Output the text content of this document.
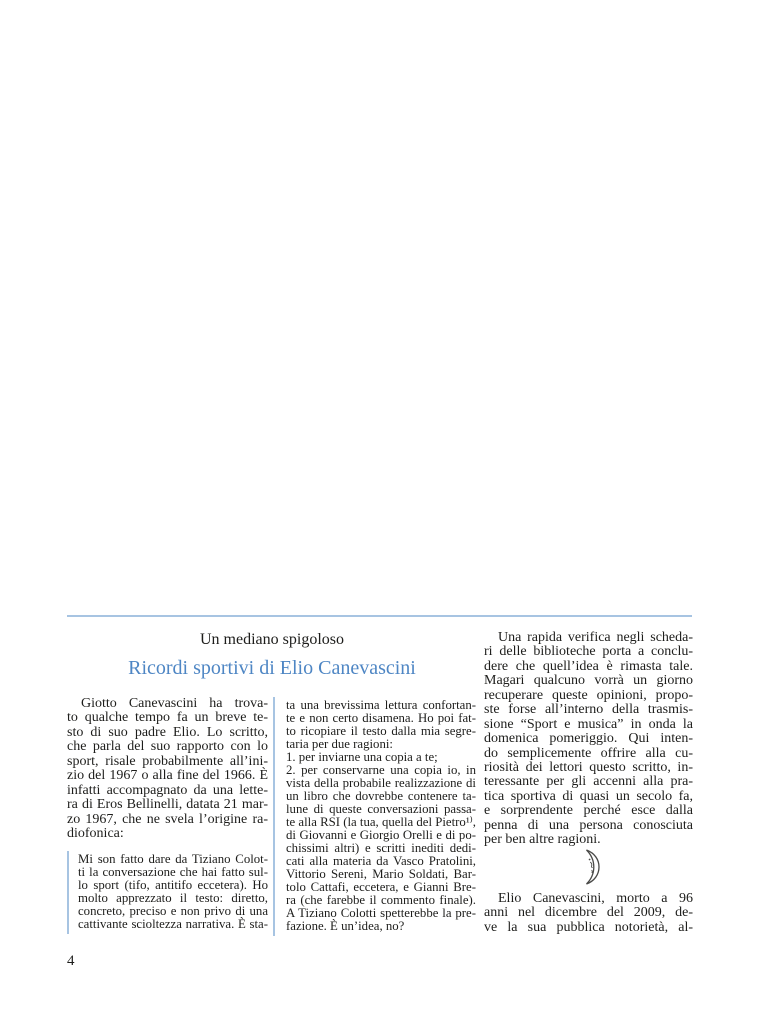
Un mediano spigoloso
Ricordi sportivi di Elio Canevascini
Giotto Canevascini ha trova-
to qualche tempo fa un breve te-
sto di suo padre Elio. Lo scritto,
che parla del suo rapporto con lo
sport, risale probabilmente all’ini-
zio del 1967 o alla fine del 1966. È
infatti accompagnato da una lette-
ra di Eros Bellinelli, datata 21 mar-
zo 1967, che ne svela l’origine ra-
diofonica:
Mi son fatto dare da Tiziano Colot-
ti la conversazione che hai fatto sul-
lo sport (tifo, antitifo eccetera). Ho
molto apprezzato il testo: diretto,
concreto, preciso e non privo di una
cattivante scioltezza narrativa. È sta-
ta una brevissima lettura confortan-
te e non certo disamena. Ho poi fat-
to ricopiare il testo dalla mia segre-
taria per due ragioni:
1. per inviarne una copia a te;
2. per conservarne una copia io, in
vista della probabile realizzazione di
un libro che dovrebbe contenere ta-
lune di queste conversazioni passa-
te alla RSI (la tua, quella del Pietro¹⁾,
di Giovanni e Giorgio Orelli e di po-
chissimi altri) e scritti inediti dedi-
cati alla materia da Vasco Pratolini,
Vittorio Sereni, Mario Soldati, Bar-
tolo Cattafi, eccetera, e Gianni Bre-
ra (che farebbe il commento finale).
A Tiziano Colotti spetterebbe la pre-
fazione. È un’idea, no?
Una rapida verifica negli scheda-
ri delle biblioteche porta a conclu-
dere che quell’idea è rimasta tale.
Magari qualcuno vorrà un giorno
recuperare queste opinioni, propo-
ste forse all’interno della trasmis-
sione “Sport e musica” in onda la
domenica pomeriggio. Qui inten-
do semplicemente offrire alla cu-
riosità dei lettori questo scritto, in-
teressante per gli accenni alla pra-
tica sportiva di quasi un secolo fa,
e sorprendente perché esce dalla
penna di una persona conosciuta
per ben altre ragioni.
Elio Canevascini, morto a 96
anni nel dicembre del 2009, de-
ve la sua pubblica notorietà, al-
4
